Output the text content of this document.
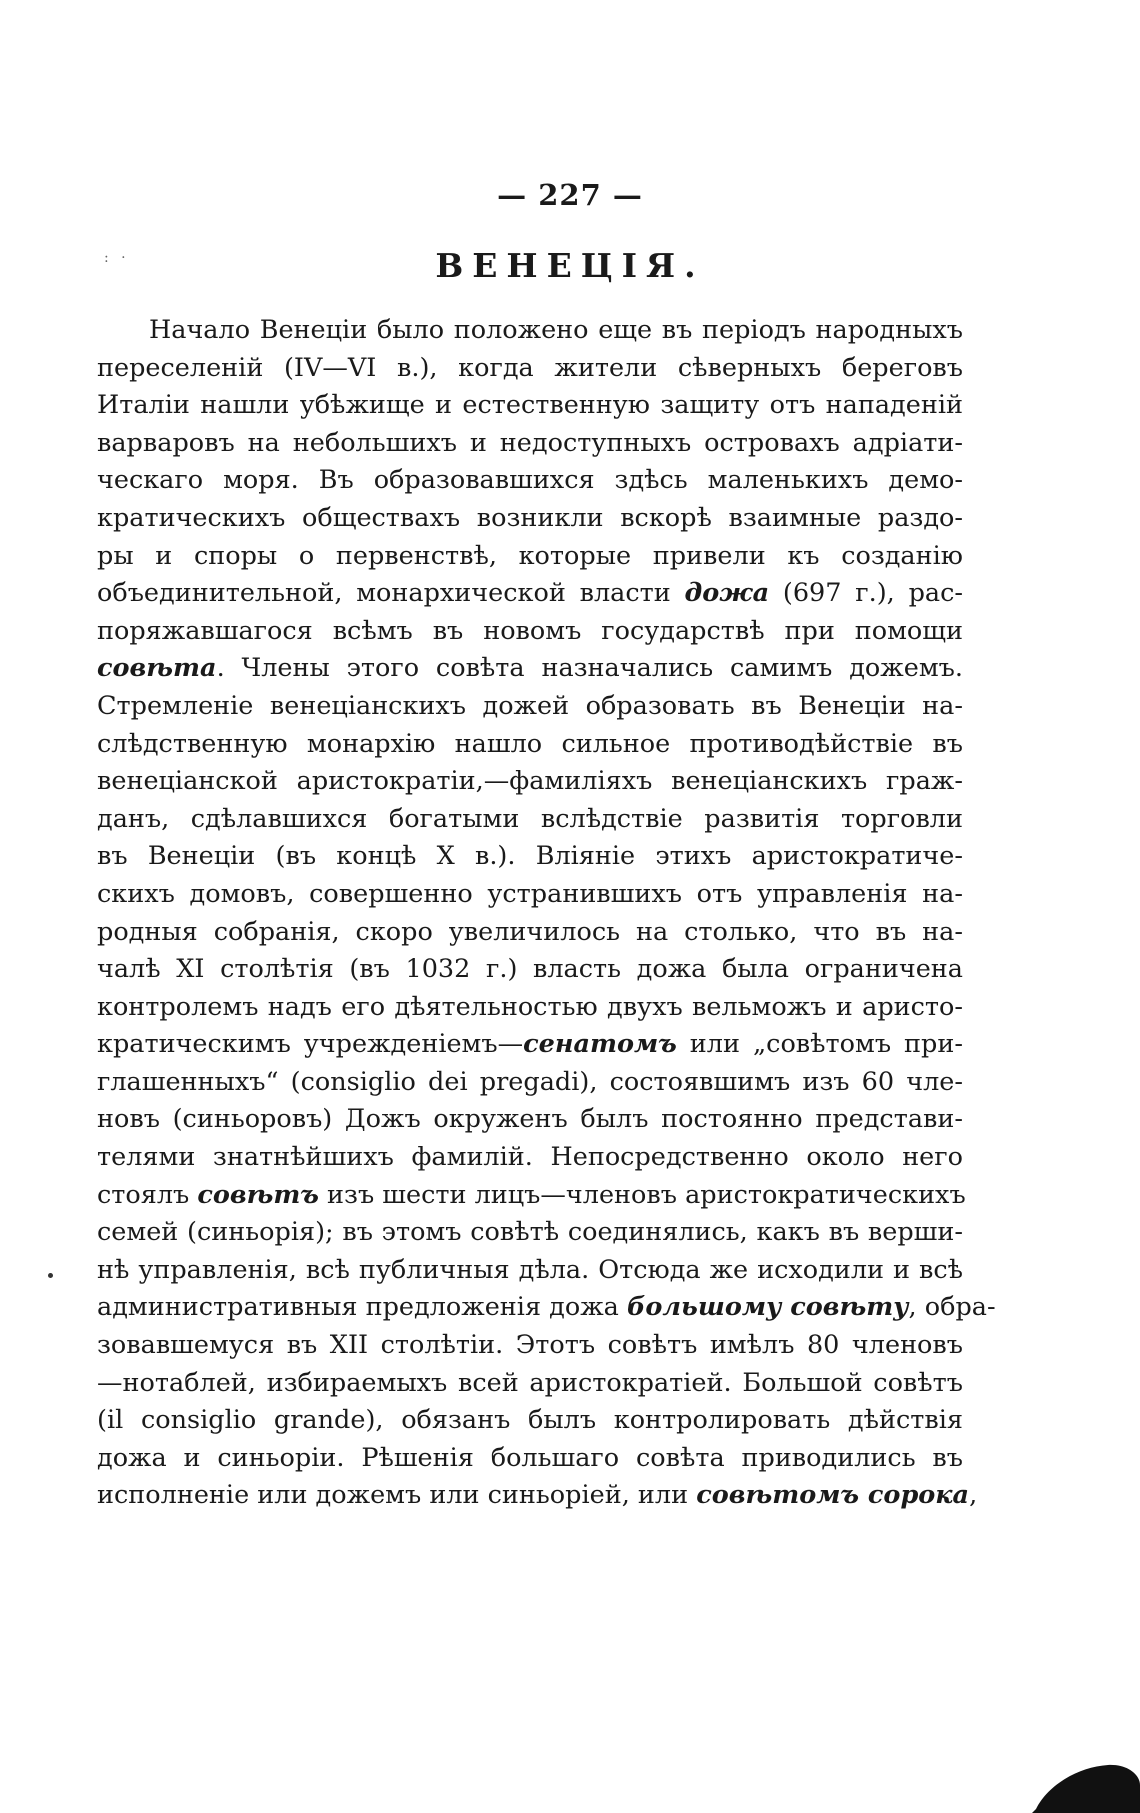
— 227 —
: ·	ВЕНЕЦІЯ.
Начало Венеціи было положено еще въ періодъ народныхъ
переселеній (IV—VI в.), когда жители сѣверныхъ береговъ
Италіи нашли убѣжище и естественную защиту отъ нападеній
варваровъ на небольшихъ и недоступныхъ островахъ адріати-
ческаго моря. Въ образовавшихся здѣсь маленькихъ демо-
кратическихъ обществахъ возникли вскорѣ взаимные раздо-
ры и споры о первенствѣ, которые привели къ созданію
объединительной, монархической власти дожа (697 г.), рас-
поряжавшагося всѣмъ въ новомъ государствѣ при помощи
совѣта. Члены этого совѣта назначались самимъ дожемъ.
Стремленіе венеціанскихъ дожей образовать въ Венеціи на-
слѣдственную монархію нашло сильное противодѣйствіе въ
венеціанской аристократіи,—фамиліяхъ венеціанскихъ граж-
данъ, сдѣлавшихся богатыми вслѣдствіе развитія торговли
въ Венеціи (въ концѣ X в.). Вліяніе этихъ аристократиче-
скихъ домовъ, совершенно устранившихъ отъ управленія на-
родныя собранія, скоро увеличилось на столько, что въ на-
чалѣ XI столѣтія (въ 1032 г.) власть дожа была ограничена
контролемъ надъ его дѣятельностью двухъ вельможъ и аристо-
кратическимъ учрежденіемъ—сенатомъ или „совѣтомъ при-
глашенныхъ“ (consiglio dei pregadi), состоявшимъ изъ 60 чле-
новъ (синьоровъ) Дожъ окруженъ былъ постоянно представи-
телями знатнѣйшихъ фамилій. Непосредственно около него
стоялъ совѣтъ изъ шести лицъ—членовъ аристократическихъ
семей (синьорія); въ этомъ совѣтѣ соединялись, какъ въ верши-
нѣ управленія, всѣ публичныя дѣла. Отсюда же исходили и всѣ
административныя предложенія дожа большому совѣту, обра-
зовавшемуся въ XII столѣтіи. Этотъ совѣтъ имѣлъ 80 членовъ
—нотаблей, избираемыхъ всей аристократіей. Большой совѣтъ
(il consiglio grande), обязанъ былъ контролировать дѣйствія
дожа и синьоріи. Рѣшенія большаго совѣта приводились въ
исполненіе или дожемъ или синьоріей, или совѣтомъ сорока,
